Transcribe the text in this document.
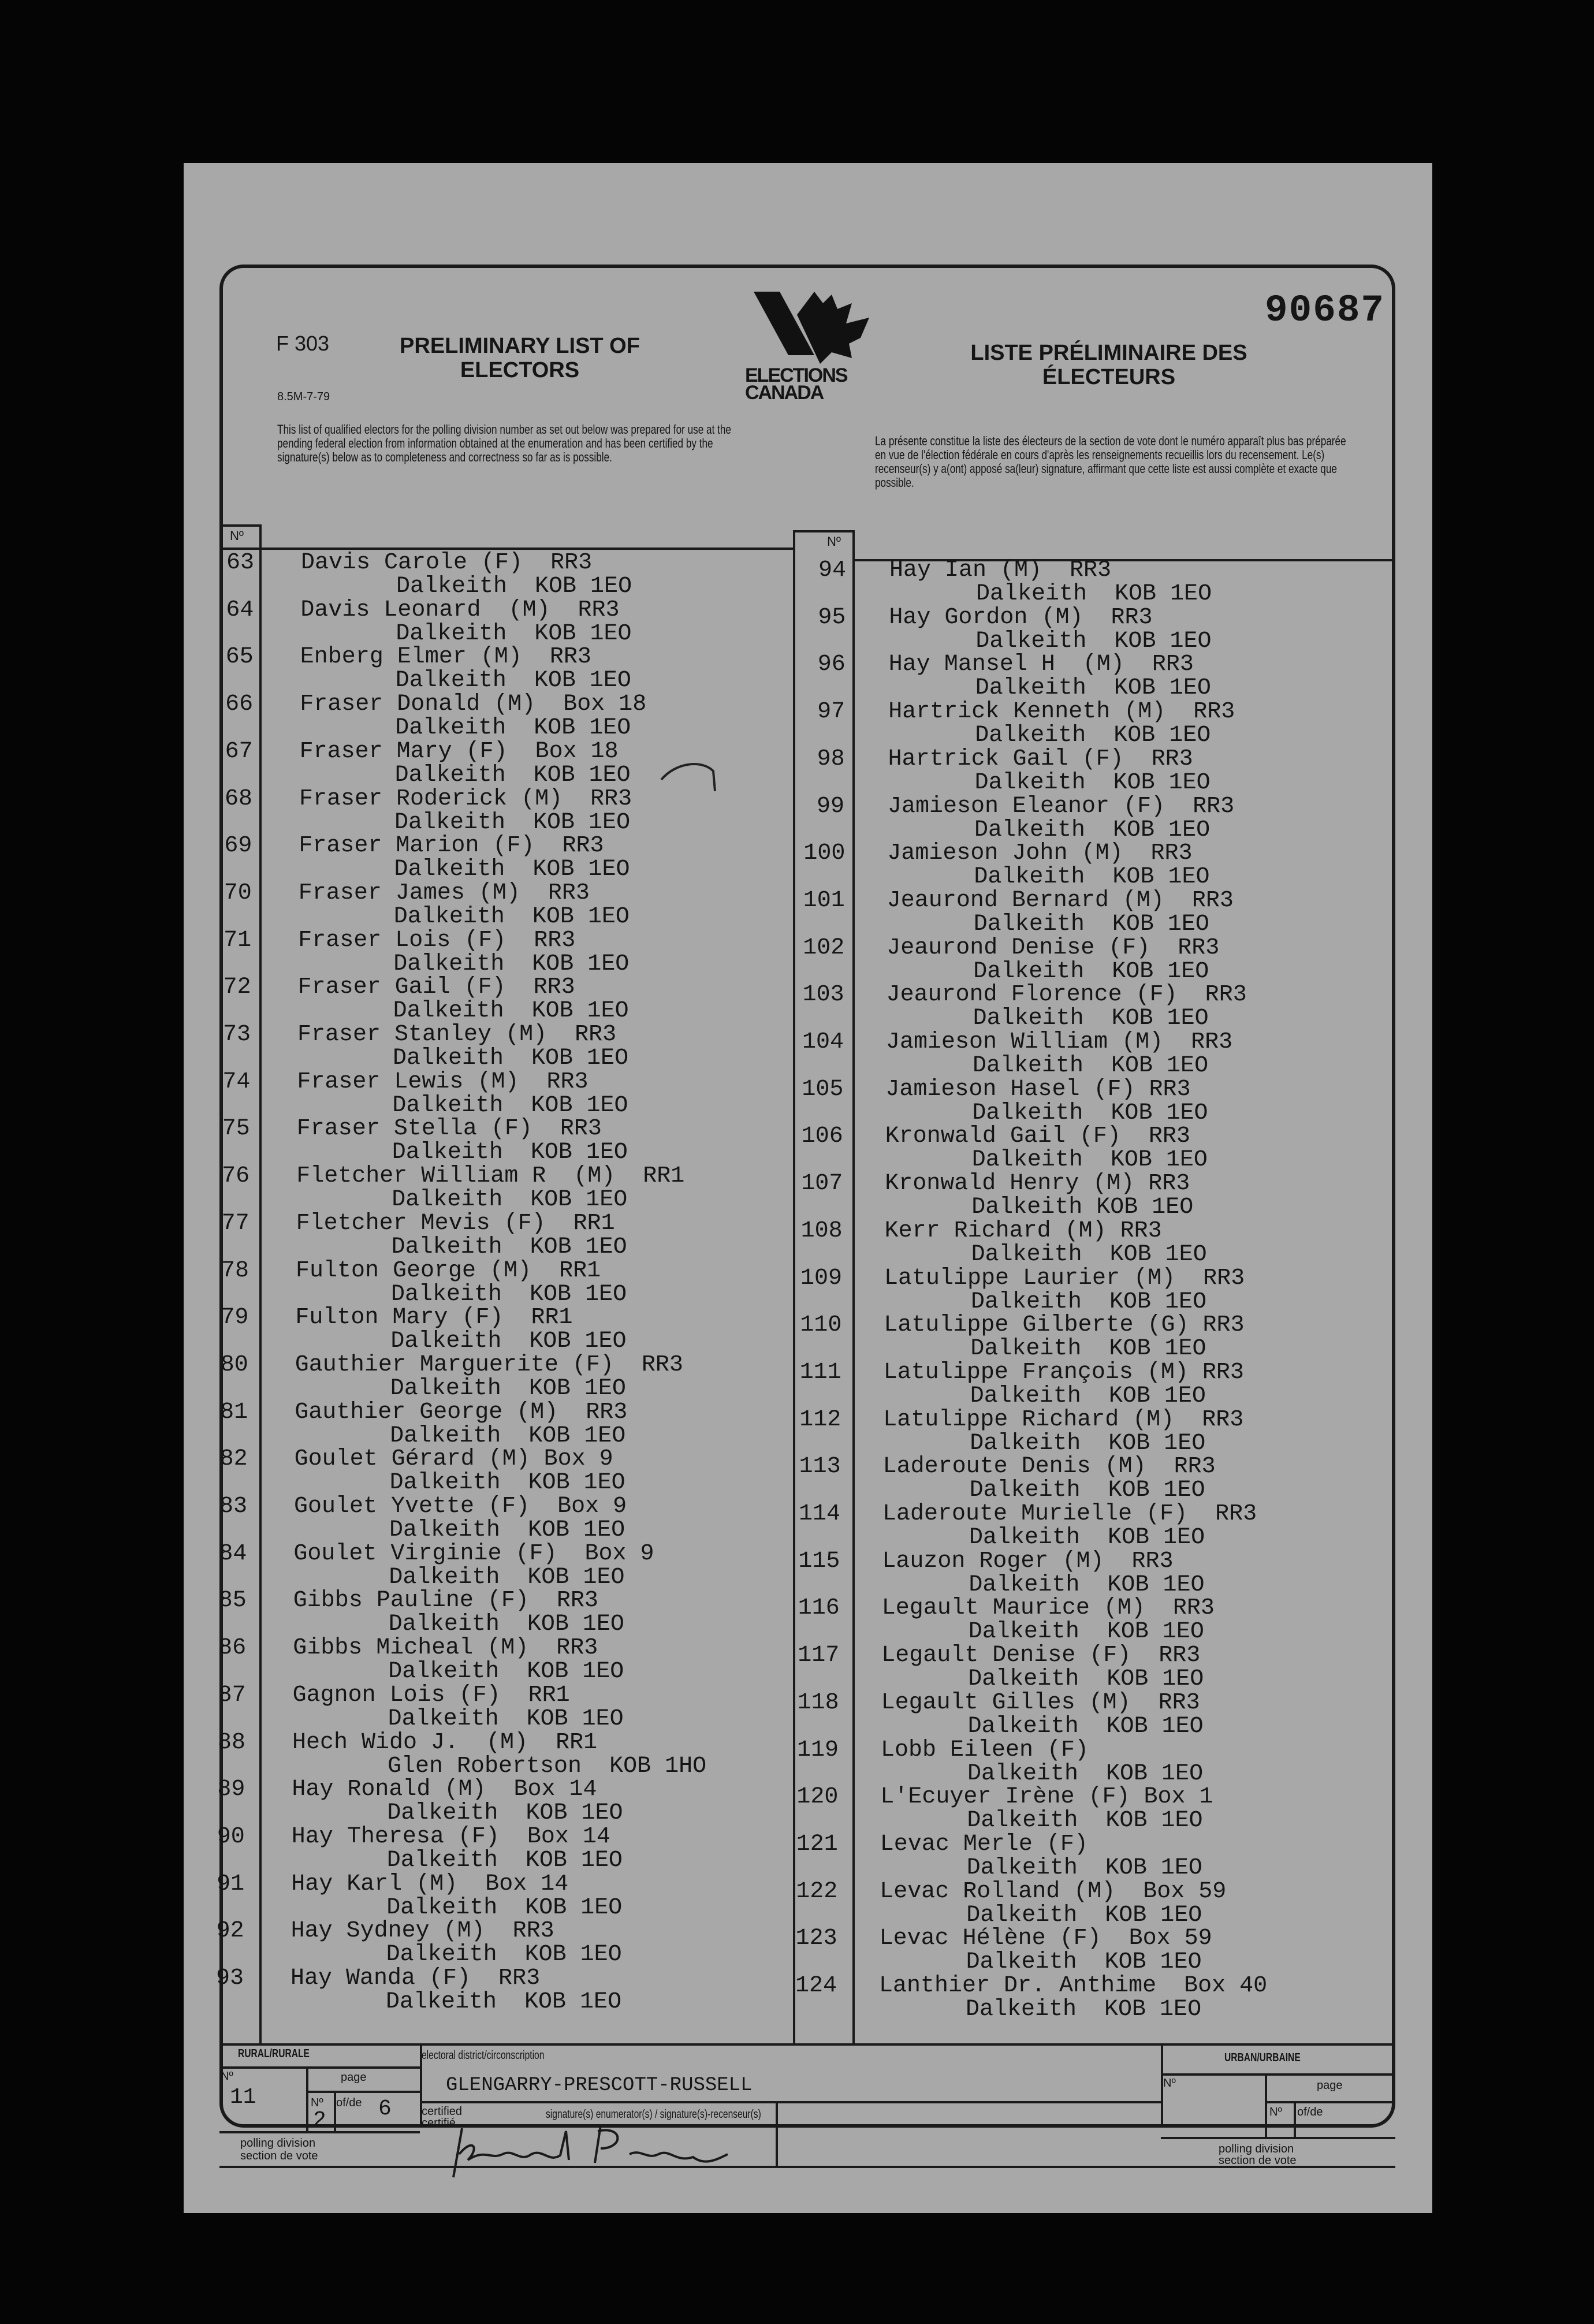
F 303	PRELIMINARY LIST OF ELECTORS	ELECTIONS
CANADA
LISTE PRÉLIMINAIRE DES ÉLECTEURS
90687
8.5M-7-79
This list of qualified electors for the polling division number as set out below was prepared for use at the pending federal election from information obtained at the enumeration and has been certified by the signature(s) below as to completeness and correctness so far as is possible.
La présente constitue la liste des électeurs de la section de vote dont le numéro apparaît plus bas préparée en vue de l'élection fédérale en cours d'après les renseignements recueillis lors du recensement. Le(s) recenseur(s) y a(ont) apposé sa(leur) signature, affirmant que cette liste est aussi complète et exacte que possible.
Nº	Nº
63 Davis Carole (F)  RR3
Dalkeith  KOB 1EO
64 Davis Leonard  (M)  RR3
Dalkeith  KOB 1EO
65 Enberg Elmer (M)  RR3
Dalkeith  KOB 1EO
66 Fraser Donald (M)  Box 18
Dalkeith  KOB 1EO
67 Fraser Mary (F)  Box 18
Dalkeith  KOB 1EO
68 Fraser Roderick (M)  RR3
Dalkeith  KOB 1EO
69 Fraser Marion (F)  RR3
Dalkeith  KOB 1EO
70 Fraser James (M)  RR3
Dalkeith  KOB 1EO
71 Fraser Lois (F)  RR3
Dalkeith  KOB 1EO
72 Fraser Gail (F)  RR3
Dalkeith  KOB 1EO
73 Fraser Stanley (M)  RR3
Dalkeith  KOB 1EO
74 Fraser Lewis (M)  RR3
Dalkeith  KOB 1EO
75 Fraser Stella (F)  RR3
Dalkeith  KOB 1EO
76 Fletcher William R  (M)  RR1
Dalkeith  KOB 1EO
77 Fletcher Mevis (F)  RR1
Dalkeith  KOB 1EO
78 Fulton George (M)  RR1
Dalkeith  KOB 1EO
79 Fulton Mary (F)  RR1
Dalkeith  KOB 1EO
80 Gauthier Marguerite (F)  RR3
Dalkeith  KOB 1EO
81 Gauthier George (M)  RR3
Dalkeith  KOB 1EO
82 Goulet Gérard (M) Box 9
Dalkeith  KOB 1EO
83 Goulet Yvette (F)  Box 9
Dalkeith  KOB 1EO
84 Goulet Virginie (F)  Box 9
Dalkeith  KOB 1EO
85 Gibbs Pauline (F)  RR3
Dalkeith  KOB 1EO
86 Gibbs Micheal (M)  RR3
Dalkeith  KOB 1EO
87 Gagnon Lois (F)  RR1
Dalkeith  KOB 1EO
88 Hech Wido J.  (M)  RR1
Glen Robertson  KOB 1HO
89 Hay Ronald (M)  Box 14
Dalkeith  KOB 1EO
90 Hay Theresa (F)  Box 14
Dalkeith  KOB 1EO
91 Hay Karl (M)  Box 14
Dalkeith  KOB 1EO
92 Hay Sydney (M)  RR3
Dalkeith  KOB 1EO
93 Hay Wanda (F)  RR3
Dalkeith  KOB 1EO
94 Hay Ian (M)  RR3
Dalkeith  KOB 1EO
95 Hay Gordon (M)  RR3
Dalkeith  KOB 1EO
96 Hay Mansel H  (M)  RR3
Dalkeith  KOB 1EO
97 Hartrick Kenneth (M)  RR3
Dalkeith  KOB 1EO
98 Hartrick Gail (F)  RR3
Dalkeith  KOB 1EO
99 Jamieson Eleanor (F)  RR3
Dalkeith  KOB 1EO
100 Jamieson John (M)  RR3
Dalkeith  KOB 1EO
101 Jeaurond Bernard (M)  RR3
Dalkeith  KOB 1EO
102 Jeaurond Denise (F)  RR3
Dalkeith  KOB 1EO
103 Jeaurond Florence (F)  RR3
Dalkeith  KOB 1EO
104 Jamieson William (M)  RR3
Dalkeith  KOB 1EO
105 Jamieson Hasel (F) RR3
Dalkeith  KOB 1EO
106 Kronwald Gail (F)  RR3
Dalkeith  KOB 1EO
107 Kronwald Henry (M) RR3
Dalkeith KOB 1EO
108 Kerr Richard (M) RR3
Dalkeith  KOB 1EO
109 Latulippe Laurier (M)  RR3
Dalkeith  KOB 1EO
110 Latulippe Gilberte (G) RR3
Dalkeith  KOB 1EO
111 Latulippe François (M) RR3
Dalkeith  KOB 1EO
112 Latulippe Richard (M)  RR3
Dalkeith  KOB 1EO
113 Laderoute Denis (M)  RR3
Dalkeith  KOB 1EO
114 Laderoute Murielle (F)  RR3
Dalkeith  KOB 1EO
115 Lauzon Roger (M)  RR3
Dalkeith  KOB 1EO
116 Legault Maurice (M)  RR3
Dalkeith  KOB 1EO
117 Legault Denise (F)  RR3
Dalkeith  KOB 1EO
118 Legault Gilles (M)  RR3
Dalkeith  KOB 1EO
119 Lobb Eileen (F)
Dalkeith  KOB 1EO
120 L'Ecuyer Irène (F) Box 1
Dalkeith  KOB 1EO
121 Levac Merle (F)
Dalkeith  KOB 1EO
122 Levac Rolland (M)  Box 59
Dalkeith  KOB 1EO
123 Levac Hélène (F)  Box 59
Dalkeith  KOB 1EO
124 Lanthier Dr. Anthime  Box 40
Dalkeith  KOB 1EO
RURAL/RURALE
Nº	page
Nº of/de
11
2 6
polling division
section de vote
electoral district/circonscription
GLENGARRY-PRESCOTT-RUSSELL
certified
certifié
signature(s) enumerator(s) / signature(s)-recenseur(s)
URBAN/URBAINE
Nº	page
Nº of/de
polling division
section de vote
